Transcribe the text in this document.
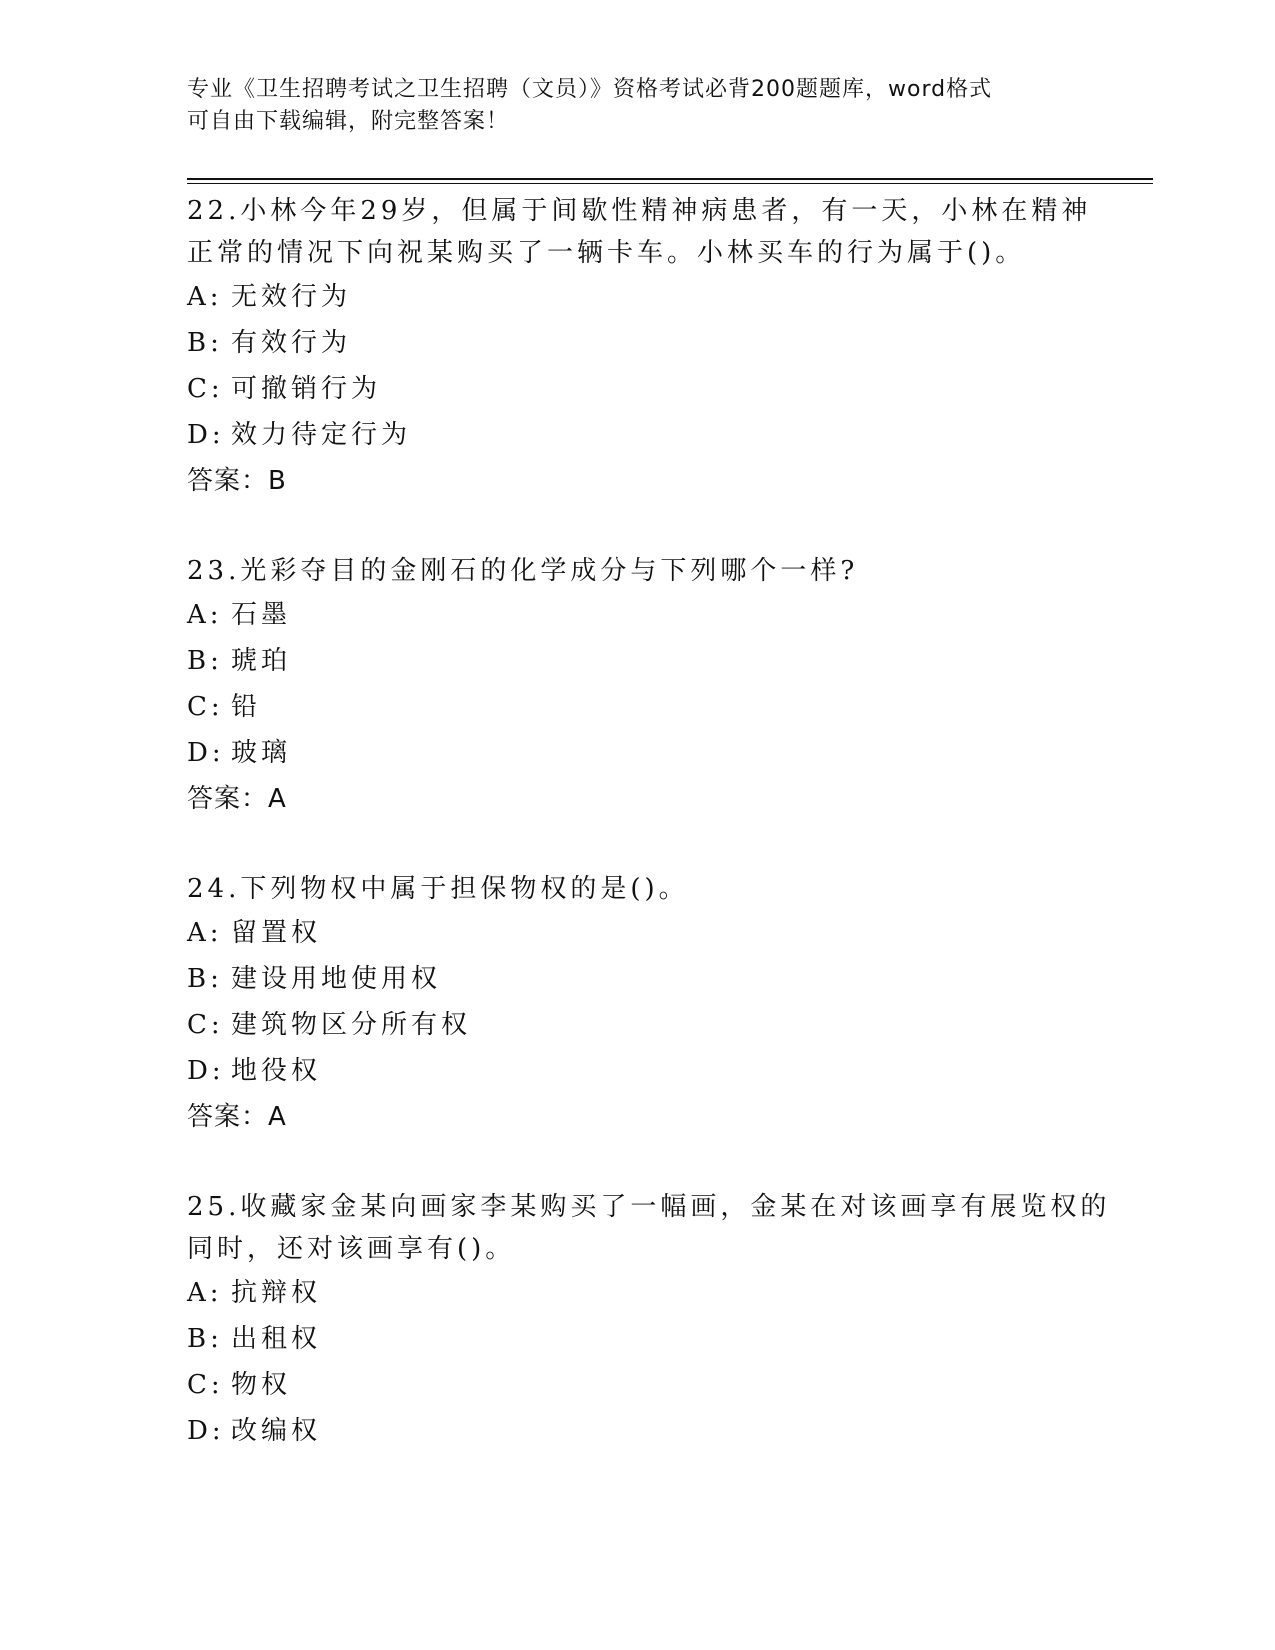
专业《卫生招聘考试之卫生招聘（文员）》资格考试必背200题题库，word格式
可自由下载编辑，附完整答案！

22.小林今年29岁，但属于间歇性精神病患者，有一天，小林在精神

正常的情况下向祝某购买了一辆卡车。小林买车的行为属于()。

A: 无效行为

B: 有效行为

C: 可撤销行为

D: 效力待定行为

答案：B

23.光彩夺目的金刚石的化学成分与下列哪个一样?

A: 石墨

B: 琥珀

C: 铅

D: 玻璃

答案：A

24.下列物权中属于担保物权的是()。

A: 留置权

B: 建设用地使用权

C: 建筑物区分所有权

D: 地役权

答案：A

25.收藏家金某向画家李某购买了一幅画，金某在对该画享有展览权的

同时，还对该画享有()。

A: 抗辩权

B: 出租权

C: 物权

D: 改编权
